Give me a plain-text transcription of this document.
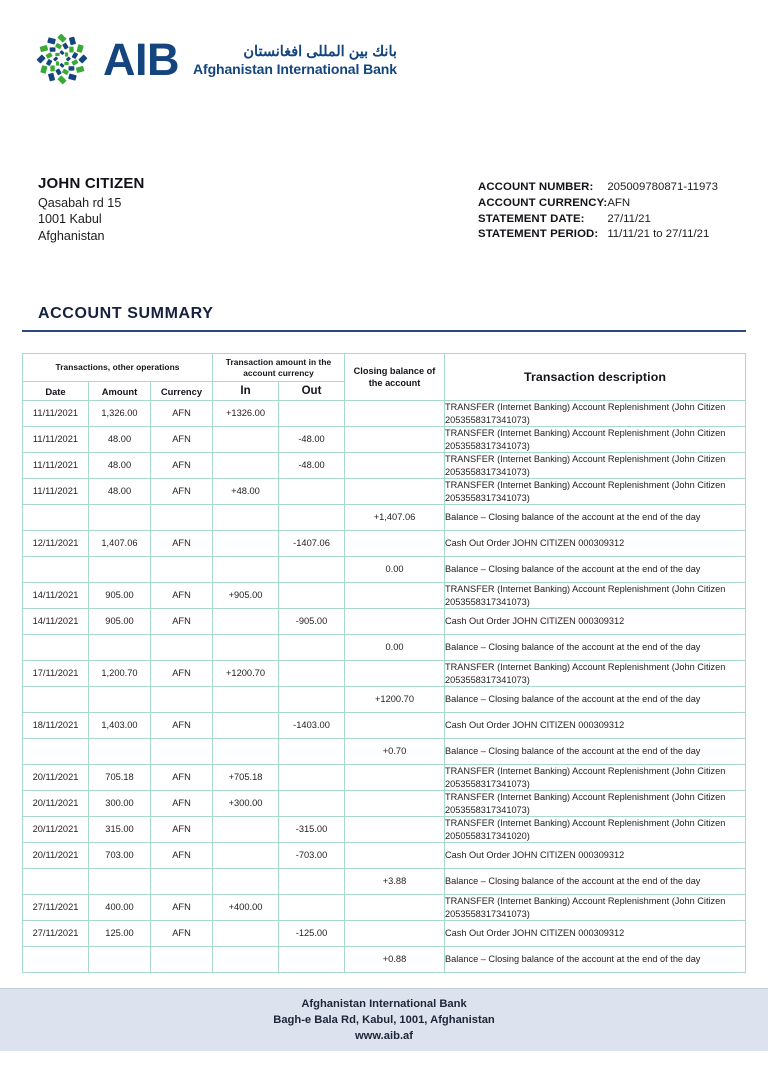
AIB	بانك بين المللی افغانستان
Afghanistan International Bank
JOHN CITIZEN
Qasabah rd 15
1001 Kabul
Afghanistan
ACCOUNT NUMBER:	205009780871-11973
ACCOUNT CURRENCY:	AFN
STATEMENT DATE:	27/11/21
STATEMENT PERIOD:	11/11/21 to 27/11/21
ACCOUNT SUMMARY
Transactions, other operations			Transaction amount in the account currency		Closing balance of the account	Transaction description
Date	Amount	Currency	In	Out		
11/11/2021	1,326.00	AFN	+1326.00			TRANSFER (Internet Banking) Account Replenishment (John Citizen 2053558317341073)
11/11/2021	48.00	AFN		-48.00		TRANSFER (Internet Banking) Account Replenishment (John Citizen 2053558317341073)
11/11/2021	48.00	AFN		-48.00		TRANSFER (Internet Banking) Account Replenishment (John Citizen 2053558317341073)
11/11/2021	48.00	AFN	+48.00			TRANSFER (Internet Banking) Account Replenishment (John Citizen 2053558317341073)
					+1,407.06	Balance – Closing balance of the account at the end of the day
12/11/2021	1,407.06	AFN		-1407.06		Cash Out Order JOHN CITIZEN 000309312
					0.00	Balance – Closing balance of the account at the end of the day
14/11/2021	905.00	AFN	+905.00			TRANSFER (Internet Banking) Account Replenishment (John Citizen 2053558317341073)
14/11/2021	905.00	AFN		-905.00		Cash Out Order JOHN CITIZEN 000309312
					0.00	Balance – Closing balance of the account at the end of the day
17/11/2021	1,200.70	AFN	+1200.70			TRANSFER (Internet Banking) Account Replenishment (John Citizen 2053558317341073)
					+1200.70	Balance – Closing balance of the account at the end of the day
18/11/2021	1,403.00	AFN		-1403.00		Cash Out Order JOHN CITIZEN 000309312
					+0.70	Balance – Closing balance of the account at the end of the day
20/11/2021	705.18	AFN	+705.18			TRANSFER (Internet Banking) Account Replenishment (John Citizen 2053558317341073)
20/11/2021	300.00	AFN	+300.00			TRANSFER (Internet Banking) Account Replenishment (John Citizen 2053558317341073)
20/11/2021	315.00	AFN		-315.00		TRANSFER (Internet Banking) Account Replenishment (John Citizen 2050558317341020)
20/11/2021	703.00	AFN		-703.00		Cash Out Order JOHN CITIZEN 000309312
					+3.88	Balance – Closing balance of the account at the end of the day
27/11/2021	400.00	AFN	+400.00			TRANSFER (Internet Banking) Account Replenishment (John Citizen 2053558317341073)
27/11/2021	125.00	AFN		-125.00		Cash Out Order JOHN CITIZEN 000309312
					+0.88	Balance – Closing balance of the account at the end of the day
Afghanistan International Bank
Bagh-e Bala Rd, Kabul, 1001, Afghanistan
www.aib.af
